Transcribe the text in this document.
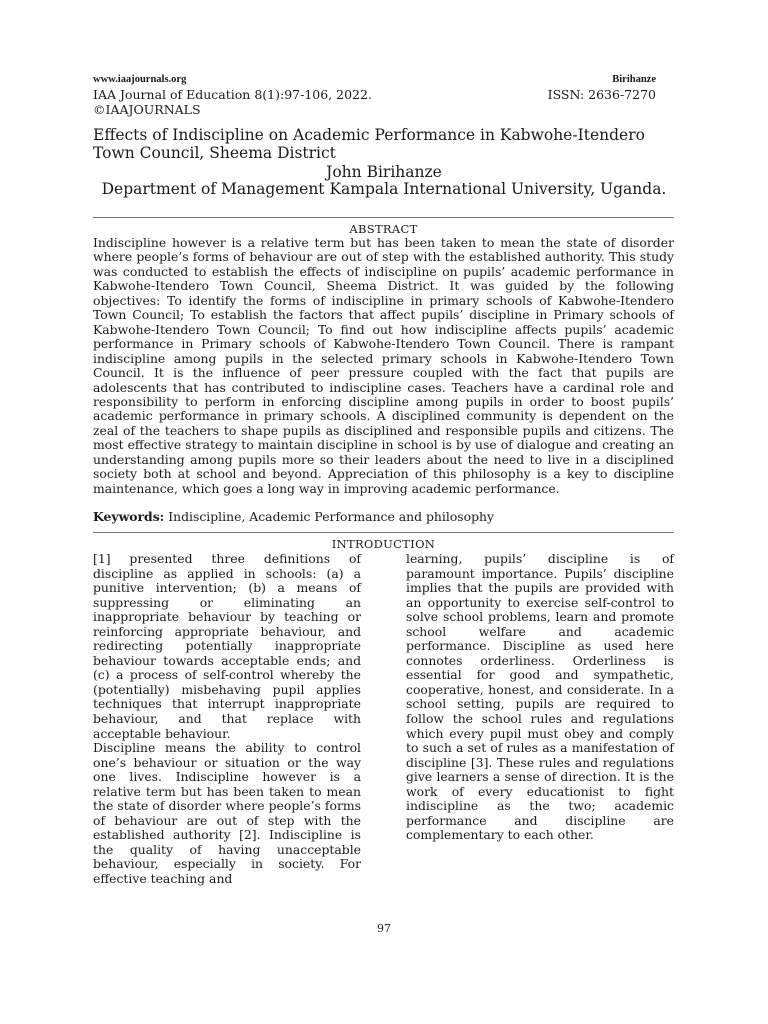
www.iaajournals.org	Birihanze
IAA Journal of Education 8(1):97-106, 2022.	ISSN: 2636-7270
©IAAJOURNALS
Effects of Indiscipline on Academic Performance in Kabwohe-Itendero Town Council, Sheema District
John Birihanze
Department of Management Kampala International University, Uganda.
ABSTRACT
Indiscipline however is a relative term but has been taken to mean the state of disorder where people’s forms of behaviour are out of step with the established authority. This study was conducted to establish the effects of indiscipline on pupils’ academic performance in Kabwohe-Itendero Town Council, Sheema District. It was guided by the following objectives: To identify the forms of indiscipline in primary schools of Kabwohe-Itendero Town Council; To establish the factors that affect pupils’ discipline in Primary schools of Kabwohe-Itendero Town Council; To find out how indiscipline affects pupils’ academic performance in Primary schools of Kabwohe-Itendero Town Council. There is rampant indiscipline among pupils in the selected primary schools in Kabwohe-Itendero Town Council. It is the influence of peer pressure coupled with the fact that pupils are adolescents that has contributed to indiscipline cases. Teachers have a cardinal role and responsibility to perform in enforcing discipline among pupils in order to boost pupils’ academic performance in primary schools. A disciplined community is dependent on the zeal of the teachers to shape pupils as disciplined and responsible pupils and citizens. The most effective strategy to maintain discipline in school is by use of dialogue and creating an understanding among pupils more so their leaders about the need to live in a disciplined society both at school and beyond. Appreciation of this philosophy is a key to discipline maintenance, which goes a long way in improving academic performance.
Keywords: Indiscipline, Academic Performance and philosophy
INTRODUCTION

[1] presented three definitions of discipline as applied in schools: (a) a punitive intervention; (b) a means of suppressing or eliminating an inappropriate behaviour by teaching or reinforcing appropriate behaviour, and redirecting potentially inappropriate behaviour towards acceptable ends; and (c) a process of self-control whereby the (potentially) misbehaving pupil applies techniques that interrupt inappropriate behaviour, and that replace with acceptable behaviour.

Discipline means the ability to control one’s behaviour or situation or the way one lives. Indiscipline however is a relative term but has been taken to mean the state of disorder where people’s forms of behaviour are out of step with the established authority [2]. Indiscipline is the quality of having unacceptable behaviour, especially in society. For effective teaching and

learning, pupils’ discipline is of paramount importance. Pupils’ discipline implies that the pupils are provided with an opportunity to exercise self-control to solve school problems, learn and promote school welfare and academic performance. Discipline as used here connotes orderliness. Orderliness is essential for good and sympathetic, cooperative, honest, and considerate. In a school setting, pupils are required to follow the school rules and regulations which every pupil must obey and comply to such a set of rules as a manifestation of discipline [3]. These rules and regulations give learners a sense of direction. It is the work of every educationist to fight indiscipline as the two; academic performance and discipline are complementary to each other.

97
